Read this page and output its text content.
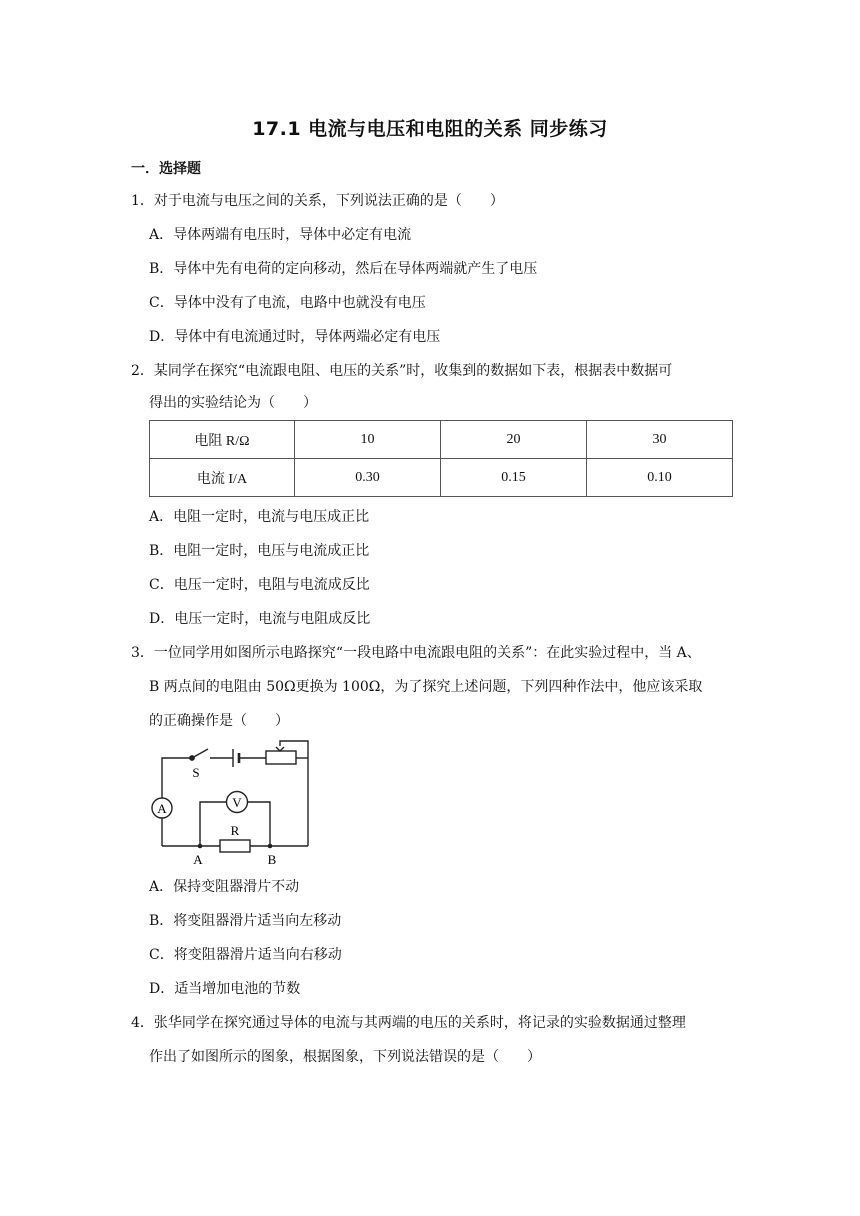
17.1 电流与电压和电阻的关系 同步练习
一．选择题
1．对于电流与电压之间的关系，下列说法正确的是（　　）
A．导体两端有电压时，导体中必定有电流
B．导体中先有电荷的定向移动，然后在导体两端就产生了电压
C．导体中没有了电流，电路中也就没有电压
D．导体中有电流通过时，导体两端必定有电压
2．某同学在探究“电流跟电阻、电压的关系”时，收集到的数据如下表，根据表中数据可
得出的实验结论为（　　）
电阻 R/Ω	10	20	30
电流 I/A	0.30	0.15	0.10
A．电阻一定时，电流与电压成正比
B．电阻一定时，电压与电流成正比
C．电压一定时，电阻与电流成反比
D．电压一定时，电流与电阻成反比
3．一位同学用如图所示电路探究“一段电路中电流跟电阻的关系”：在此实验过程中，当 A、
B 两点间的电阻由 50Ω更换为 100Ω，为了探究上述问题，下列四种作法中，他应该采取
的正确操作是（　　）
A	V
S
R
A	B
A．保持变阻器滑片不动
B．将变阻器滑片适当向左移动
C．将变阻器滑片适当向右移动
D．适当增加电池的节数
4．张华同学在探究通过导体的电流与其两端的电压的关系时，将记录的实验数据通过整理
作出了如图所示的图象，根据图象，下列说法错误的是（　　）
